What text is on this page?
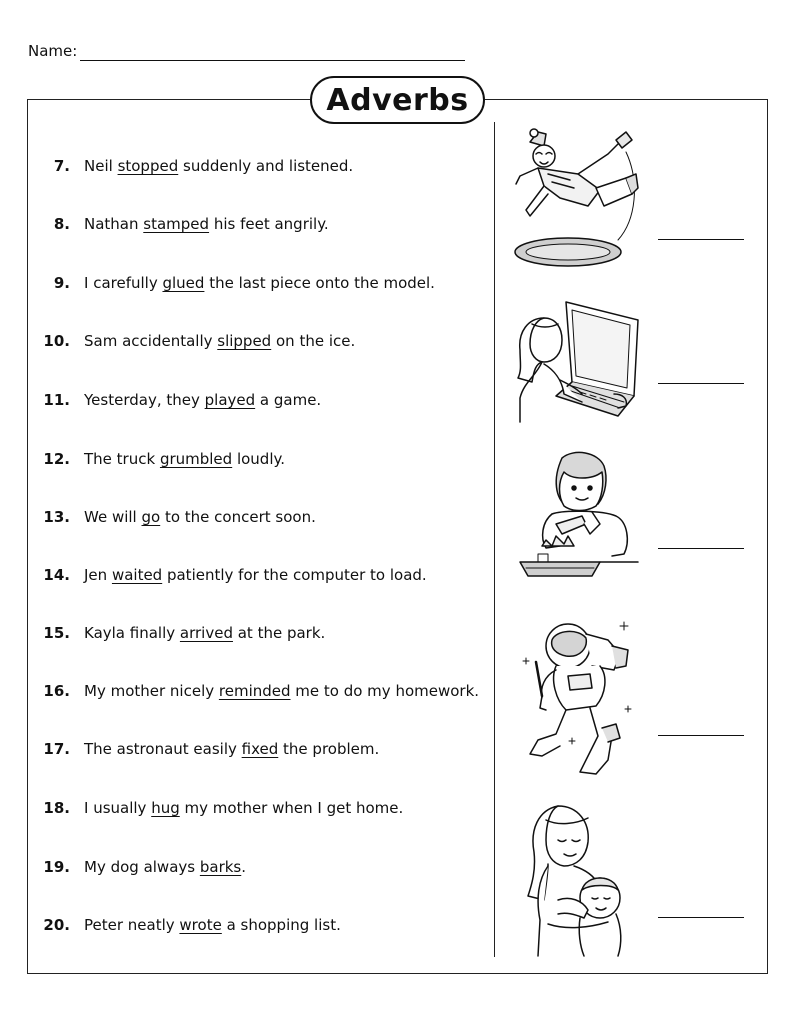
Name:
Adverbs
7. Neil stopped suddenly and listened.
8. Nathan stamped his feet angrily.
9. I carefully glued the last piece onto the model.
10. Sam accidentally slipped on the ice.
11. Yesterday, they played a game.
12. The truck grumbled loudly.
13. We will go to the concert soon.
14. Jen waited patiently for the computer to load.
15. Kayla finally arrived at the park.
16. My mother nicely reminded me to do my homework.
17. The astronaut easily fixed the problem.
18. I usually hug my mother when I get home.
19. My dog always barks.
20. Peter neatly wrote a shopping list.
